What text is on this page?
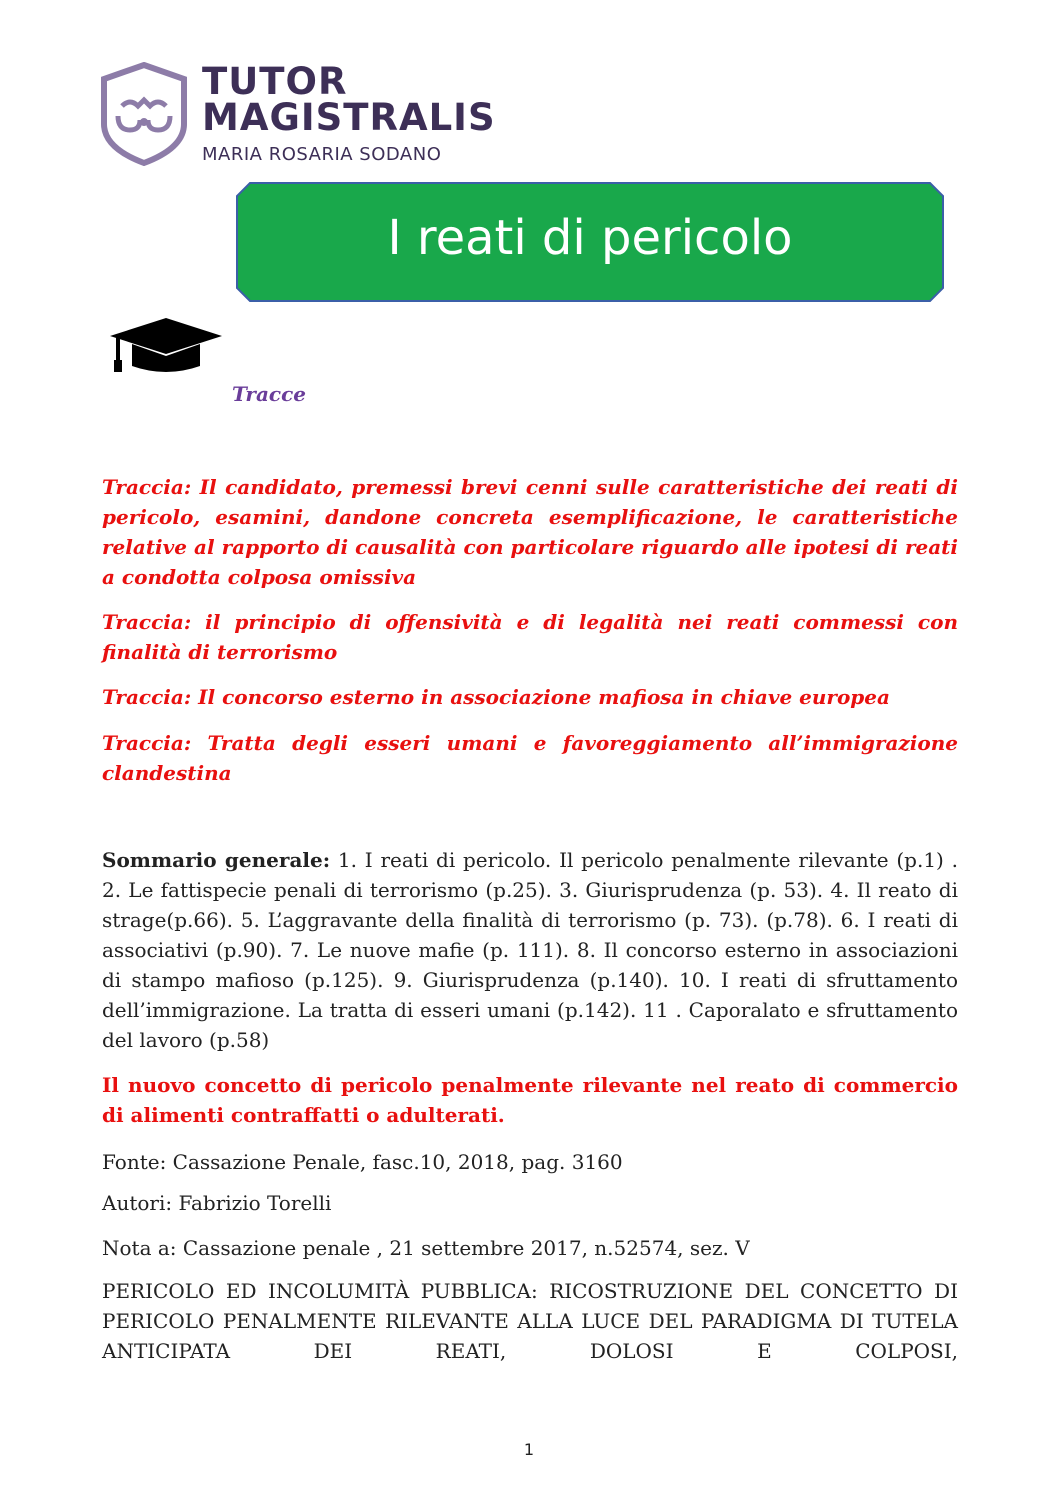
TUTOR
MAGISTRALIS
MARIA ROSARIA SODANO
I reati di pericolo
Tracce
Traccia: Il candidato, premessi brevi cenni sulle caratteristiche dei reati di pericolo, esamini, dandone concreta esemplificazione, le caratteristiche relative al rapporto di causalità con particolare riguardo alle ipotesi di reati a condotta colposa omissiva
Traccia: il principio di offensività e di legalità nei reati commessi con finalità di terrorismo
Traccia: Il concorso esterno in associazione mafiosa in chiave europea
Traccia: Tratta degli esseri umani e favoreggiamento all’immigrazione clandestina
Sommario generale: 1. I reati di pericolo. Il pericolo penalmente rilevante (p.1) . 2. Le fattispecie penali di terrorismo (p.25). 3. Giurisprudenza (p. 53). 4. Il reato di strage(p.66). 5. L’aggravante della finalità di terrorismo (p. 73). (p.78). 6. I reati di associativi (p.90). 7. Le nuove mafie (p. 111). 8. Il concorso esterno in associazioni di stampo mafioso (p.125). 9. Giurisprudenza (p.140). 10. I reati di sfruttamento dell’immigrazione. La tratta di esseri umani (p.142). 11 . Caporalato e sfruttamento del lavoro (p.58)
Il nuovo concetto di pericolo penalmente rilevante nel reato di commercio di alimenti contraffatti o adulterati.
Fonte: Cassazione Penale, fasc.10, 2018, pag. 3160
Autori: Fabrizio Torelli
Nota a: Cassazione penale , 21 settembre 2017, n.52574, sez. V
PERICOLO ED INCOLUMITÀ PUBBLICA: RICOSTRUZIONE DEL CONCETTO DI PERICOLO PENALMENTE RILEVANTE ALLA LUCE DEL PARADIGMA DI TUTELA ANTICIPATA DEI REATI, DOLOSI E COLPOSI,
1
